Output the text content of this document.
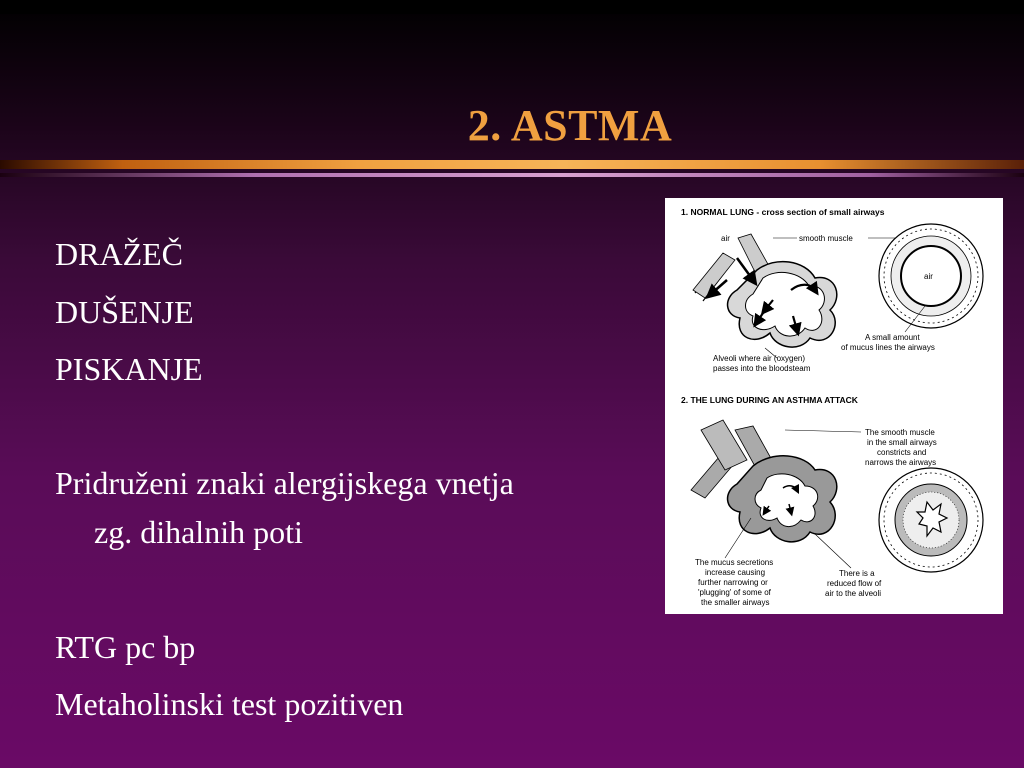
2. ASTMA
DRAŽEČ
DUŠENJE
PISKANJE
Pridruženi znaki alergijskega vnetja
zg. dihalnih poti
RTG pc bp
Metaholinski test pozitiven
1. NORMAL LUNG - cross section of small airways
air	smooth muscle
air
A small amount
of mucus lines the airways
Alveoli where air (oxygen)
passes into the bloodsteam
2. THE LUNG DURING AN ASTHMA ATTACK
The smooth muscle
in the small airways
constricts and
narrows the airways
The mucus secretions
increase causing
further narrowing or
'plugging' of some of
the smaller airways
There is a
reduced flow of
air to the alveoli
